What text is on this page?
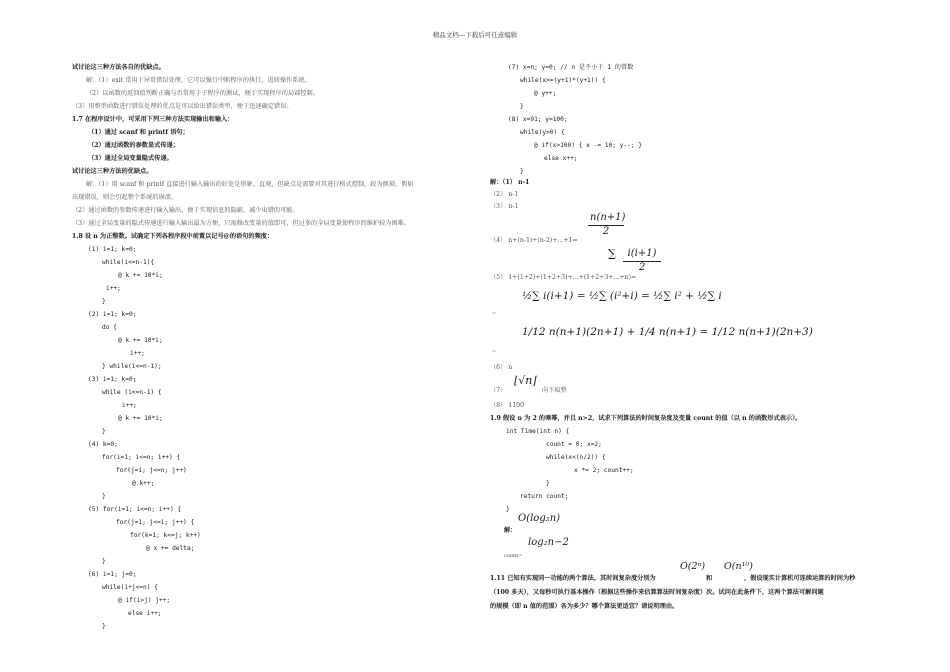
精品文档---下载后可任意编辑
试讨论这三种方法各自的优缺点。
解：（1）exit 常用于异常错误处理，它可以强行中断程序的执行，返回操作系统。
（2）以函数的返回值判断正确与否常用于子程序的测试，便于实现程序的局部控制。
（3）用整型函数进行错误处理的优点是可以给出错误类型，便于迅速确定错误。
1.7 在程序设计中，可采用下列三种方法实现输出和输入：
（1）通过 scanf 和 printf 语句；
（2）通过函数的参数显式传递；
（3）通过全局变量隐式传递。
试讨论这三种方法的优缺点。
解：（1）用 scanf 和 printf 直接进行输入输出的好处是形象、直观，但缺点是需要对其进行格式控制，较为烦琐，假如
出现错误，则会引起整个系统的崩溃。
（2）通过函数的参数传递进行输入输出，便于实现信息的隐蔽，减少出错的可能。
（3）通过全局变量的隐式传递进行输入输出最为方便，只需修改变量的值即可，但过多的全局变量使程序的维护较为困难。
1.8 设 n 为正整数。试确定下列各程序段中前置以记号@的语句的频度：
(1) i=1; k=0;
while(i<=n-1){
@ k += 10*i;
i++;
}
(2) i=1; k=0;
do {
@ k += 10*i;
i++;
} while(i<=n-1);
(3) i=1; k=0;
while (i<=n-1) {
i++;
@ k += 10*i;
}
(4) k=0;
for(i=1; i<=n; i++) {
for(j=i; j<=n; j++)
@ k++;
}
(5) for(i=1; i<=n; i++) {
for(j=1; j<=i; j++) {
for(k=1; k<=j; k++)
@ x += delta;
}
(6) i=1; j=0;
while(i+j<=n) {
@ if(i>j) j++;
else i++;
}
(7) x=n; y=0; // n 是不小于 1 的常数
while(x>=(y+1)*(y+1)) {
@ y++;
}
(8) x=91; y=100;
while(y>0) {
@ if(x>100) { x -= 10; y--; }
else x++;
}
解：（1） n-1
（2） n-1
（3） n-1
$\frac{n(n+1)}{2}$
（4） n+(n-1)+(n-2)+...+1=
∑ $\frac{i(i+1)}{2}$
（5） 1+(1+2)+(1+2+3)+...+(1+2+3+...+n)=
½∑ i(i+1) = ½∑ (i²+i) = ½∑ i² + ½∑ i
=
1/12 n(n+1)(2n+1) + 1/4 n(n+1) = 1/12 n(n+1)(2n+3)
=
（6） n
（7）
⌊√n⌋
向下取整
（8） 1100
1.9 假设 n 为 2 的乘幂，并且 n>2，试求下列算法的时间复杂度及变量 count 的值（以 n 的函数形式表示）。
int Time(int n) {
count = 0; x=2;
while(x<(n/2)) {
x *= 2; count++;
}
return count;
}
O(log₂n)
解：
log₂n−2
count=
O(2ⁿ) O(n¹⁰)
1.11 已知有实现同一功能的两个算法，其时间复杂度分别为	和	，假设现实计算机可连续运算的时间为秒
（100 多天），又每秒可执行基本操作（根据这些操作来估算算法时间复杂度）次。试问在此条件下，这两个算法可解问题
的规模（即 n 值的范围）各为多少？哪个算法更适宜？请说明理由。
